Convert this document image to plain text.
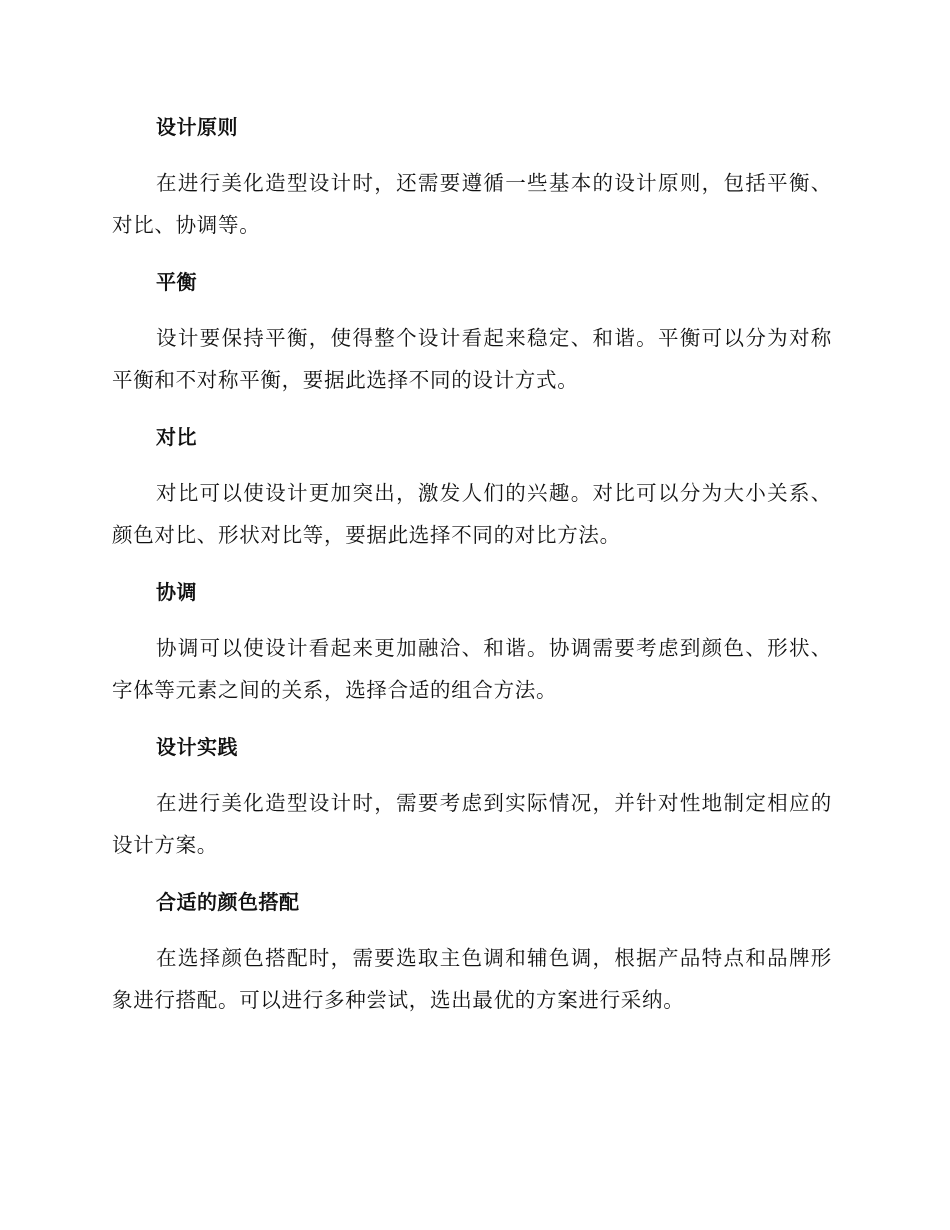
设计原则

在进行美化造型设计时，还需要遵循一些基本的设计原则，包括平衡、对比、协调等。

平衡

设计要保持平衡，使得整个设计看起来稳定、和谐。平衡可以分为对称平衡和不对称平衡，要据此选择不同的设计方式。

对比

对比可以使设计更加突出，激发人们的兴趣。对比可以分为大小关系、颜色对比、形状对比等，要据此选择不同的对比方法。

协调

协调可以使设计看起来更加融洽、和谐。协调需要考虑到颜色、形状、字体等元素之间的关系，选择合适的组合方法。

设计实践

在进行美化造型设计时，需要考虑到实际情况，并针对性地制定相应的设计方案。

合适的颜色搭配

在选择颜色搭配时，需要选取主色调和辅色调，根据产品特点和品牌形象进行搭配。可以进行多种尝试，选出最优的方案进行采纳。
